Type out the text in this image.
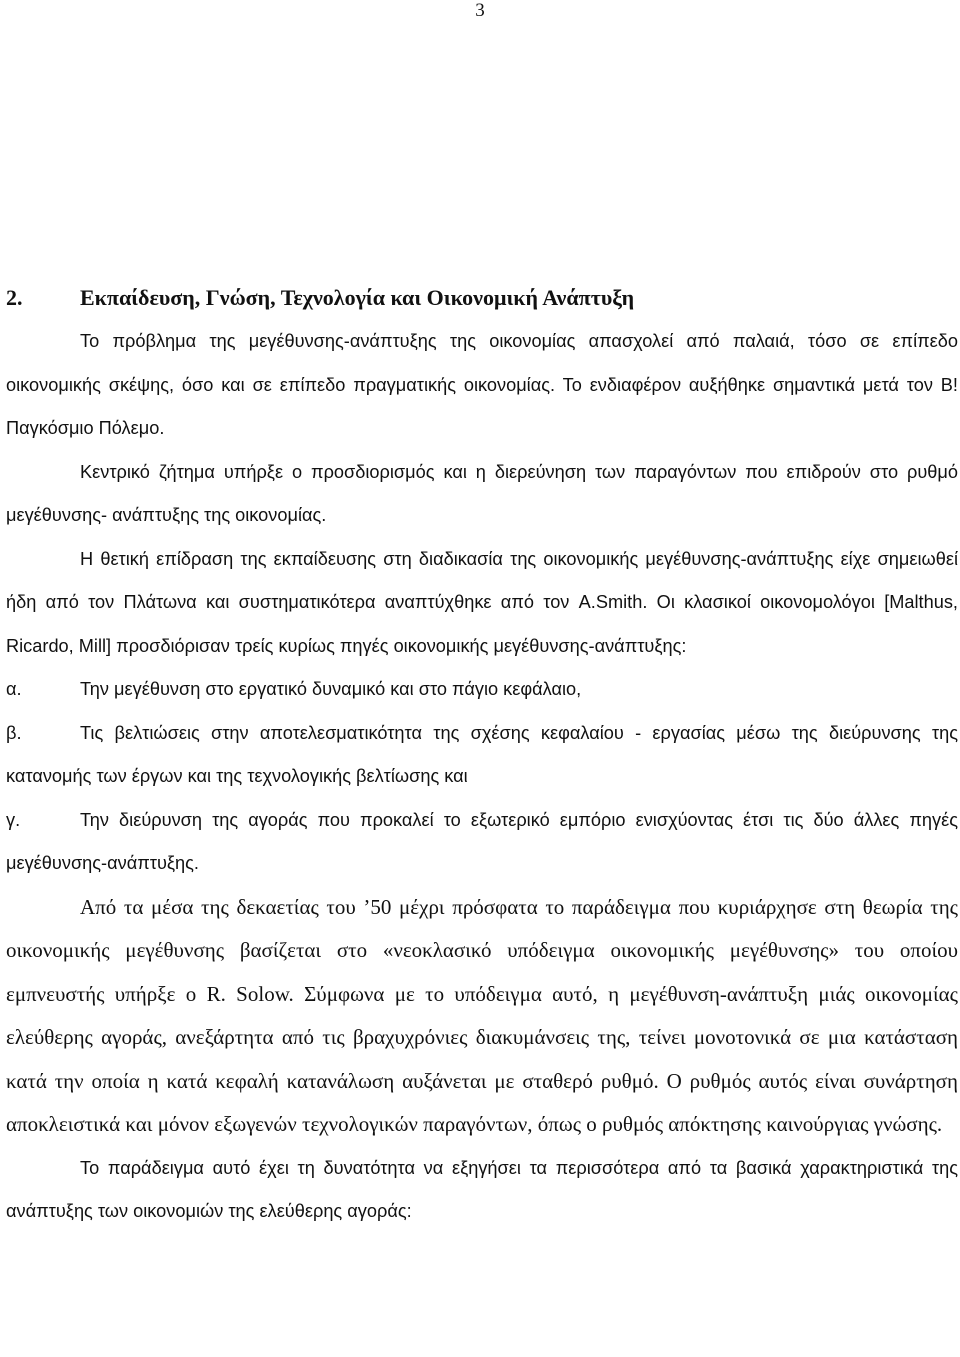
3
2.	Εκπαίδευση, Γνώση, Τεχνολογία και Οικονομική Ανάπτυξη

Το πρόβλημα της μεγέθυνσης-ανάπτυξης της οικονομίας απασχολεί από παλαιά, τόσο σε επίπεδο οικονομικής σκέψης, όσο και σε επίπεδο πραγματικής οικονομίας. Το ενδιαφέρον αυξήθηκε σημαντικά μετά τον Β! Παγκόσμιο Πόλεμο.

Κεντρικό ζήτημα υπήρξε ο προσδιορισμός και η διερεύνηση των παραγόντων που επιδρούν στο ρυθμό μεγέθυνσης- ανάπτυξης της οικονομίας.

Η θετική επίδραση της εκπαίδευσης στη διαδικασία της οικονομικής μεγέθυνσης-ανάπτυξης είχε σημειωθεί ήδη από τον Πλάτωνα και συστηματικότερα αναπτύχθηκε από τον A.Smith. Οι κλασικοί οικονομολόγοι [Malthus, Ricardo, Mill] προσδιόρισαν τρείς κυρίως πηγές οικονομικής μεγέθυνσης-ανάπτυξης:

α.	Την μεγέθυνση στο εργατικό δυναμικό και στο πάγιο κεφάλαιο,

β.	Τις βελτιώσεις στην αποτελεσματικότητα της σχέσης κεφαλαίου - εργασίας μέσω της διεύρυνσης της κατανομής των έργων και της τεχνολογικής βελτίωσης και

γ.	Την διεύρυνση της αγοράς που προκαλεί το εξωτερικό εμπόριο ενισχύοντας έτσι τις δύο άλλες πηγές μεγέθυνσης-ανάπτυξης.

Από τα μέσα της δεκαετίας του ’50 μέχρι πρόσφατα το παράδειγμα που κυριάρχησε στη θεωρία της οικονομικής μεγέθυνσης βασίζεται στο «νεοκλασικό υπόδειγμα οικονομικής μεγέθυνσης» του οποίου εμπνευστής υπήρξε ο R. Solow. Σύμφωνα με το υπόδειγμα αυτό, η μεγέθυνση-ανάπτυξη μιάς οικονομίας ελεύθερης αγοράς, ανεξάρτητα από τις βραχυχρόνιες διακυμάνσεις της, τείνει μονοτονικά σε μια κατάσταση κατά την οποία η κατά κεφαλή κατανάλωση αυξάνεται με σταθερό ρυθμό. Ο ρυθμός αυτός είναι συνάρτηση αποκλειστικά και μόνον εξωγενών τεχνολογικών παραγόντων, όπως ο ρυθμός απόκτησης καινούργιας γνώσης.

Το παράδειγμα αυτό έχει τη δυνατότητα να εξηγήσει τα περισσότερα από τα βασικά χαρακτηριστικά της ανάπτυξης των οικονομιών της ελεύθερης αγοράς:
